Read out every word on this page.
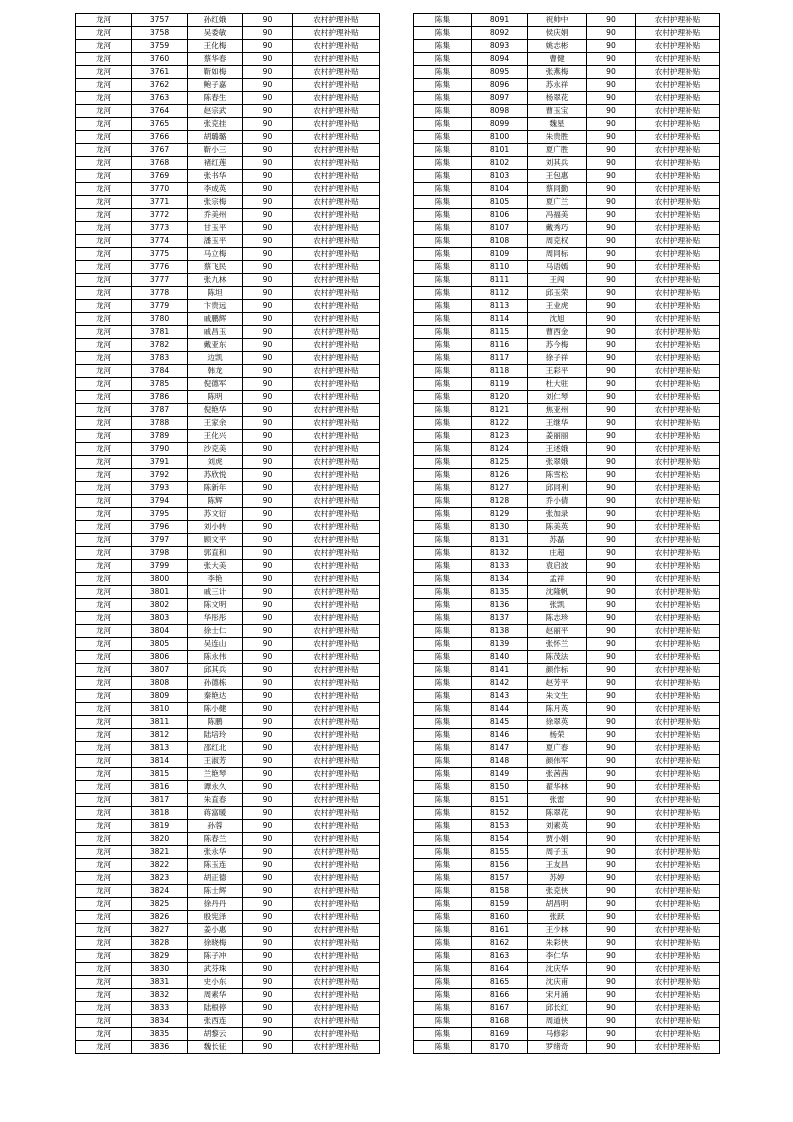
龙河	3757	孙红娥	90	农村护理补贴
龙河	3758	吴委敏	90	农村护理补贴
龙河	3759	王化梅	90	农村护理补贴
龙河	3760	蔡华春	90	农村护理补贴
龙河	3761	靳如梅	90	农村护理补贴
龙河	3762	鲍子嘉	90	农村护理补贴
龙河	3763	陈春生	90	农村护理补贴
龙河	3764	赵宗武	90	农村护理补贴
龙河	3765	张克挂	90	农村护理补贴
龙河	3766	胡璐璐	90	农村护理补贴
龙河	3767	靳小三	90	农村护理补贴
龙河	3768	褚红莲	90	农村护理补贴
龙河	3769	张书华	90	农村护理补贴
龙河	3770	李成英	90	农村护理补贴
龙河	3771	张宗梅	90	农村护理补贴
龙河	3772	乔美州	90	农村护理补贴
龙河	3773	甘玉平	90	农村护理补贴
龙河	3774	潘玉平	90	农村护理补贴
龙河	3775	马立梅	90	农村护理补贴
龙河	3776	蔡飞民	90	农村护理补贴
龙河	3777	张九林	90	农村护理补贴
龙河	3778	陈坦	90	农村护理补贴
龙河	3779	卞贵远	90	农村护理补贴
龙河	3780	戚鹏辉	90	农村护理补贴
龙河	3781	戚昌玉	90	农村护理补贴
龙河	3782	戴亚东	90	农村护理补贴
龙河	3783	边凯	90	农村护理补贴
龙河	3784	韩龙	90	农村护理补贴
龙河	3785	倪德军	90	农村护理补贴
龙河	3786	陈明	90	农村护理补贴
龙河	3787	倪艳华	90	农村护理补贴
龙河	3788	王家余	90	农村护理补贴
龙河	3789	王化兴	90	农村护理补贴
龙河	3790	沙克美	90	农村护理补贴
龙河	3791	刘虎	90	农村护理补贴
龙河	3792	苏欣悦	90	农村护理补贴
龙河	3793	陈新年	90	农村护理补贴
龙河	3794	陈辉	90	农村护理补贴
龙河	3795	苏文衍	90	农村护理补贴
龙河	3796	刘小转	90	农村护理补贴
龙河	3797	顾文平	90	农村护理补贴
龙河	3798	郭直和	90	农村护理补贴
龙河	3799	张大美	90	农村护理补贴
龙河	3800	李艳	90	农村护理补贴
龙河	3801	戚三计	90	农村护理补贴
龙河	3802	陈文明	90	农村护理补贴
龙河	3803	华彤彤	90	农村护理补贴
龙河	3804	徐士仁	90	农村护理补贴
龙河	3805	吴连山	90	农村护理补贴
龙河	3806	陈永伟	90	农村护理补贴
龙河	3807	邱其兵	90	农村护理补贴
龙河	3808	孙德栋	90	农村护理补贴
龙河	3809	秦艳达	90	农村护理补贴
龙河	3810	陈小健	90	农村护理补贴
龙河	3811	陈鹏	90	农村护理补贴
龙河	3812	陆培玲	90	农村护理补贴
龙河	3813	邵红北	90	农村护理补贴
龙河	3814	王淑芳	90	农村护理补贴
龙河	3815	兰艳琴	90	农村护理补贴
龙河	3816	谭永久	90	农村护理补贴
龙河	3817	朱直春	90	农村护理补贴
龙河	3818	蒋富暖	90	农村护理补贴
龙河	3819	孙蓉	90	农村护理补贴
龙河	3820	陈春兰	90	农村护理补贴
龙河	3821	张永华	90	农村护理补贴
龙河	3822	陈玉连	90	农村护理补贴
龙河	3823	胡正德	90	农村护理补贴
龙河	3824	陈士辉	90	农村护理补贴
龙河	3825	徐丹丹	90	农村护理补贴
龙河	3826	殷宪泽	90	农村护理补贴
龙河	3827	姜小惠	90	农村护理补贴
龙河	3828	徐晓梅	90	农村护理补贴
龙河	3829	陈子冲	90	农村护理补贴
龙河	3830	武芬珠	90	农村护理补贴
龙河	3831	史小东	90	农村护理补贴
龙河	3832	周素华	90	农村护理补贴
龙河	3833	陆根停	90	农村护理补贴
龙河	3834	张西连	90	农村护理补贴
龙河	3835	胡黎云	90	农村护理补贴
龙河	3836	魏长征	90	农村护理补贴
陈集	8091	祝帅中	90	农村护理补贴
陈集	8092	侯庆娟	90	农村护理补贴
陈集	8093	姚志彬	90	农村护理补贴
陈集	8094	曹健	90	农村护理补贴
陈集	8095	张燕梅	90	农村护理补贴
陈集	8096	苏永祥	90	农村护理补贴
陈集	8097	杨翠花	90	农村护理补贴
陈集	8098	曹玉宝	90	农村护理补贴
陈集	8099	魏星	90	农村护理补贴
陈集	8100	朱贵胜	90	农村护理补贴
陈集	8101	夏广胜	90	农村护理补贴
陈集	8102	刘其兵	90	农村护理补贴
陈集	8103	王包惠	90	农村护理补贴
陈集	8104	蔡同勤	90	农村护理补贴
陈集	8105	夏广兰	90	农村护理补贴
陈集	8106	冯福美	90	农村护理补贴
陈集	8107	戴秀巧	90	农村护理补贴
陈集	8108	周克权	90	农村护理补贴
陈集	8109	周同标	90	农村护理补贴
陈集	8110	马语嫣	90	农村护理补贴
陈集	8111	王闯	90	农村护理补贴
陈集	8112	邱玉荣	90	农村护理补贴
陈集	8113	王业虎	90	农村护理补贴
陈集	8114	沈旭	90	农村护理补贴
陈集	8115	曹西金	90	农村护理补贴
陈集	8116	苏今梅	90	农村护理补贴
陈集	8117	徐子祥	90	农村护理补贴
陈集	8118	王彩平	90	农村护理补贴
陈集	8119	杜大驻	90	农村护理补贴
陈集	8120	刘仁琴	90	农村护理补贴
陈集	8121	焦亚州	90	农村护理补贴
陈集	8122	王继华	90	农村护理补贴
陈集	8123	姜丽丽	90	农村护理补贴
陈集	8124	王述娥	90	农村护理补贴
陈集	8125	张翠娥	90	农村护理补贴
陈集	8126	陈雪松	90	农村护理补贴
陈集	8127	邱同利	90	农村护理补贴
陈集	8128	乔小倩	90	农村护理补贴
陈集	8129	张加录	90	农村护理补贴
陈集	8130	陈美英	90	农村护理补贴
陈集	8131	苏磊	90	农村护理补贴
陈集	8132	庄超	90	农村护理补贴
陈集	8133	袁启波	90	农村护理补贴
陈集	8134	孟祥	90	农村护理补贴
陈集	8135	沈隆帆	90	农村护理补贴
陈集	8136	张凯	90	农村护理补贴
陈集	8137	陈志珍	90	农村护理补贴
陈集	8138	赵丽平	90	农村护理补贴
陈集	8139	张怀兰	90	农村护理补贴
陈集	8140	陈茂法	90	农村护理补贴
陈集	8141	颜作标	90	农村护理补贴
陈集	8142	赵芳平	90	农村护理补贴
陈集	8143	朱文生	90	农村护理补贴
陈集	8144	陈月英	90	农村护理补贴
陈集	8145	徐翠英	90	农村护理补贴
陈集	8146	杨荣	90	农村护理补贴
陈集	8147	夏广春	90	农村护理补贴
陈集	8148	颜伟军	90	农村护理补贴
陈集	8149	张茜茜	90	农村护理补贴
陈集	8150	翟华林	90	农村护理补贴
陈集	8151	张雷	90	农村护理补贴
陈集	8152	陈翠花	90	农村护理补贴
陈集	8153	刘素英	90	农村护理补贴
陈集	8154	贾小娟	90	农村护理补贴
陈集	8155	周子玉	90	农村护理补贴
陈集	8156	王友昌	90	农村护理补贴
陈集	8157	苏婷	90	农村护理补贴
陈集	8158	张克侠	90	农村护理补贴
陈集	8159	胡昌明	90	农村护理补贴
陈集	8160	张跃	90	农村护理补贴
陈集	8161	王少林	90	农村护理补贴
陈集	8162	朱彩侠	90	农村护理补贴
陈集	8163	李仁华	90	农村护理补贴
陈集	8164	沈庆华	90	农村护理补贴
陈集	8165	沈庆甫	90	农村护理补贴
陈集	8166	宋月涌	90	农村护理补贴
陈集	8167	邱长红	90	农村护理补贴
陈集	8168	周道侠	90	农村护理补贴
陈集	8169	马修彩	90	农村护理补贴
陈集	8170	罗绪奇	90	农村护理补贴
